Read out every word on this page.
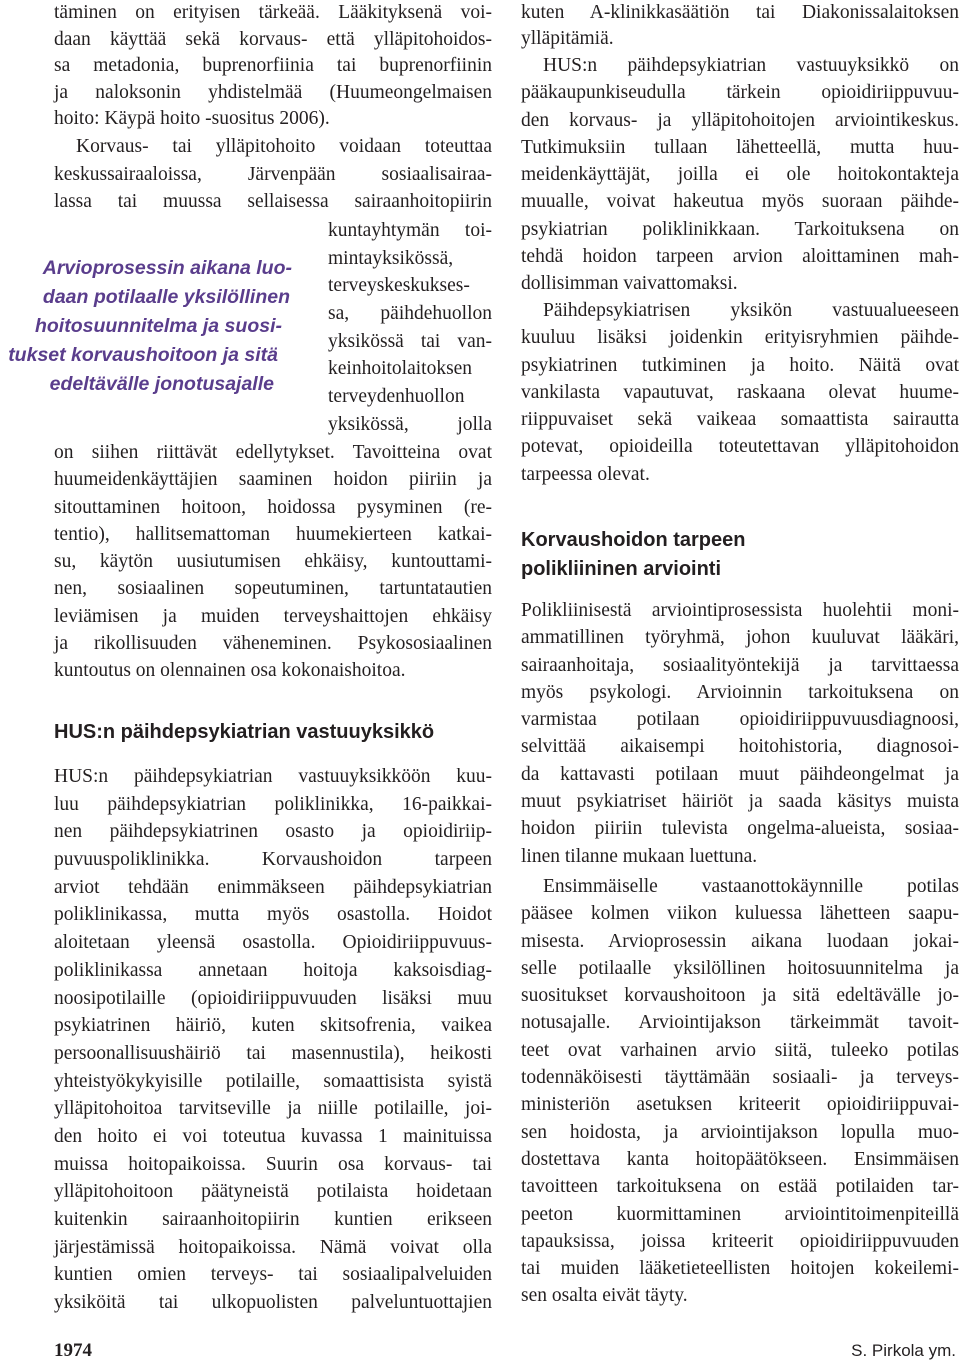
täminen on erityisen tärkeää. Lääkityksenä voi-
daan käyttää sekä korvaus- että ylläpitohoidos-
sa metadonia, buprenorfiinia tai buprenorfiinin
ja naloksonin yhdistelmää (Huumeongelmaisen
hoito: Käypä hoito -suositus 2006).
Korvaus- tai ylläpitohoito voidaan toteuttaa
keskussairaaloissa, Järvenpään sosiaalisairaa-
lassa tai muussa sellaisessa sairaanhoitopiirin
kuntayhtymän toi-
mintayksikössä,
terveyskeskukses-
sa, päihdehuollon
yksikössä tai van-
keinhoitolaitoksen
terveydenhuollon
yksikössä, jolla
on siihen riittävät edellytykset. Tavoitteina ovat
huumeidenkäyttäjien saaminen hoidon piiriin ja
sitouttaminen hoitoon, hoidossa pysyminen (re-
tentio), hallitsemattoman huumekierteen katkai-
su, käytön uusiutumisen ehkäisy, kuntouttami-
nen, sosiaalinen sopeutuminen, tartuntatautien
leviämisen ja muiden terveyshaittojen ehkäisy
ja rikollisuuden väheneminen. Psykososiaalinen
kuntoutus on olennainen osa kokonaishoitoa.
Arvioprosessin aikana luo-
daan potilaalle yksilöllinen
hoitosuunnitelma ja suosi-
tukset korvaushoitoon ja sitä
edeltävälle jonotusajalle
HUS:n päihdepsykiatrian vastuuyksikkö
HUS:n päihdepsykiatrian vastuuyksikköön kuu-
luu päihdepsykiatrian poliklinikka, 16-paikkai-
nen päihdepsykiatrinen osasto ja opioidiriip-
puvuuspoliklinikka. Korvaushoidon tarpeen
arviot tehdään enimmäkseen päihdepsykiatrian
poliklinikassa, mutta myös osastolla. Hoidot
aloitetaan yleensä osastolla. Opioidiriippuvuus-
poliklinikassa annetaan hoitoja kaksoisdiag-
noosipotilaille (opioidiriippuvuuden lisäksi muu
psykiatrinen häiriö, kuten skitsofrenia, vaikea
persoonallisuushäiriö tai masennustila), heikosti
yhteistyökykyisille potilaille, somaattisista syistä
ylläpitohoitoa tarvitseville ja niille potilaille, joi-
den hoito ei voi toteutua kuvassa 1 mainituissa
muissa hoitopaikoissa. Suurin osa korvaus- tai
ylläpitohoitoon päätyneistä potilaista hoidetaan
kuitenkin sairaanhoitopiirin kuntien erikseen
järjestämissä hoitopaikoissa. Nämä voivat olla
kuntien omien terveys- tai sosiaalipalveluiden
yksiköitä tai ulkopuolisten palveluntuottajien
kuten A-klinikkasäätiön tai Diakonissalaitoksen
ylläpitämiä.
HUS:n päihdepsykiatrian vastuuyksikkö on
pääkaupunkiseudulla tärkein opioidiriippuvuu-
den korvaus- ja ylläpitohoitojen arviointikeskus.
Tutkimuksiin tullaan lähetteellä, mutta huu-
meidenkäyttäjät, joilla ei ole hoitokontakteja
muualle, voivat hakeutua myös suoraan päihde-
psykiatrian poliklinikkaan. Tarkoituksena on
tehdä hoidon tarpeen arvion aloittaminen mah-
dollisimman vaivattomaksi.
Päihdepsykiatrisen yksikön vastuualueeseen
kuuluu lisäksi joidenkin erityisryhmien päihde-
psykiatrinen tutkiminen ja hoito. Näitä ovat
vankilasta vapautuvat, raskaana olevat huume-
riippuvaiset sekä vaikeaa somaattista sairautta
potevat, opioideilla toteutettavan ylläpitohoidon
tarpeessa olevat.
Korvaushoidon tarpeen
polikliininen arviointi
Polikliinisestä arviointiprosessista huolehtii moni-
ammatillinen työryhmä, johon kuuluvat lääkäri,
sairaanhoitaja, sosiaalityöntekijä ja tarvittaessa
myös psykologi. Arvioinnin tarkoituksena on
varmistaa potilaan opioidiriippuvuusdiagnoosi,
selvittää aikaisempi hoitohistoria, diagnosoi-
da kattavasti potilaan muut päihdeongelmat ja
muut psykiatriset häiriöt ja saada käsitys muista
hoidon piiriin tulevista ongelma-alueista, sosiaa-
linen tilanne mukaan luettuna.
Ensimmäiselle vastaanottokäynnille potilas
pääsee kolmen viikon kuluessa lähetteen saapu-
misesta. Arvioprosessin aikana luodaan jokai-
selle potilaalle yksilöllinen hoitosuunnitelma ja
suositukset korvaushoitoon ja sitä edeltävälle jo-
notusajalle. Arviointijakson tärkeimmät tavoit-
teet ovat varhainen arvio siitä, tuleeko potilas
todennäköisesti täyttämään sosiaali- ja terveys-
ministeriön asetuksen kriteerit opioidiriippuvai-
sen hoidosta, ja arviointijakson lopulla muo-
dostettava kanta hoitopäätökseen. Ensimmäisen
tavoitteen tarkoituksena on estää potilaiden tar-
peeton kuormittaminen arviointitoimenpiteillä
tapauksissa, joissa kriteerit opioidiriippuvuuden
tai muiden lääketieteellisten hoitojen kokeilemi-
sen osalta eivät täyty.
1974	S. Pirkola ym.
